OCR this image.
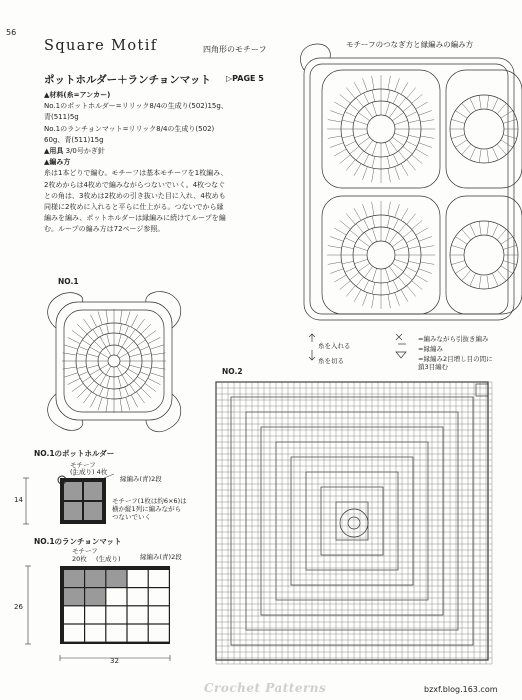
56
Square Motif	四角形のモチーフ
ポットホルダー＋ランチョンマット ▷PAGE 5
▲材料(糸=アンカー)
No.1のポットホルダー=リリック8/4の生成り(502)15g、
青(511)5g
No.1のランチョンマット=リリック8/4の生成り(502)
60g、青(511)15g
▲用具 3/0号かぎ針
▲編み方
糸は1本どりで編む。モチーフは基本モチーフを1枚編み、
2枚めからは4枚めで編みながらつないでいく。4枚つなぐ
との角は、3枚めは2枚めの引き抜いた目に入れ、4枚めも
同様に2枚めに入れると平らに仕上がる。つないでから縁
編みを編み、ポットホルダーは縁編みに続けてループを編
む。ループの編み方は72ページ参照。
NO.1
NO.1のポットホルダー
モチーフ
(生成り) 4枚
縁編み(青)2段
14	モチーフ(1枚は約6×6)は
横か縦1列に編みながら
つないでいく
NO.1のランチョンマット
モチーフ
20枚 (生成り)	縁編み(青)2段
26
32
モチーフのつなぎ方と縁編みの編み方
糸を入れる
糸を切る
=編みながら引抜き編み
=縁編み
=縁編み2目増し目の間に
鎖3目編む
NO.2
Crochet Patterns	bzxf.blog.163.com
